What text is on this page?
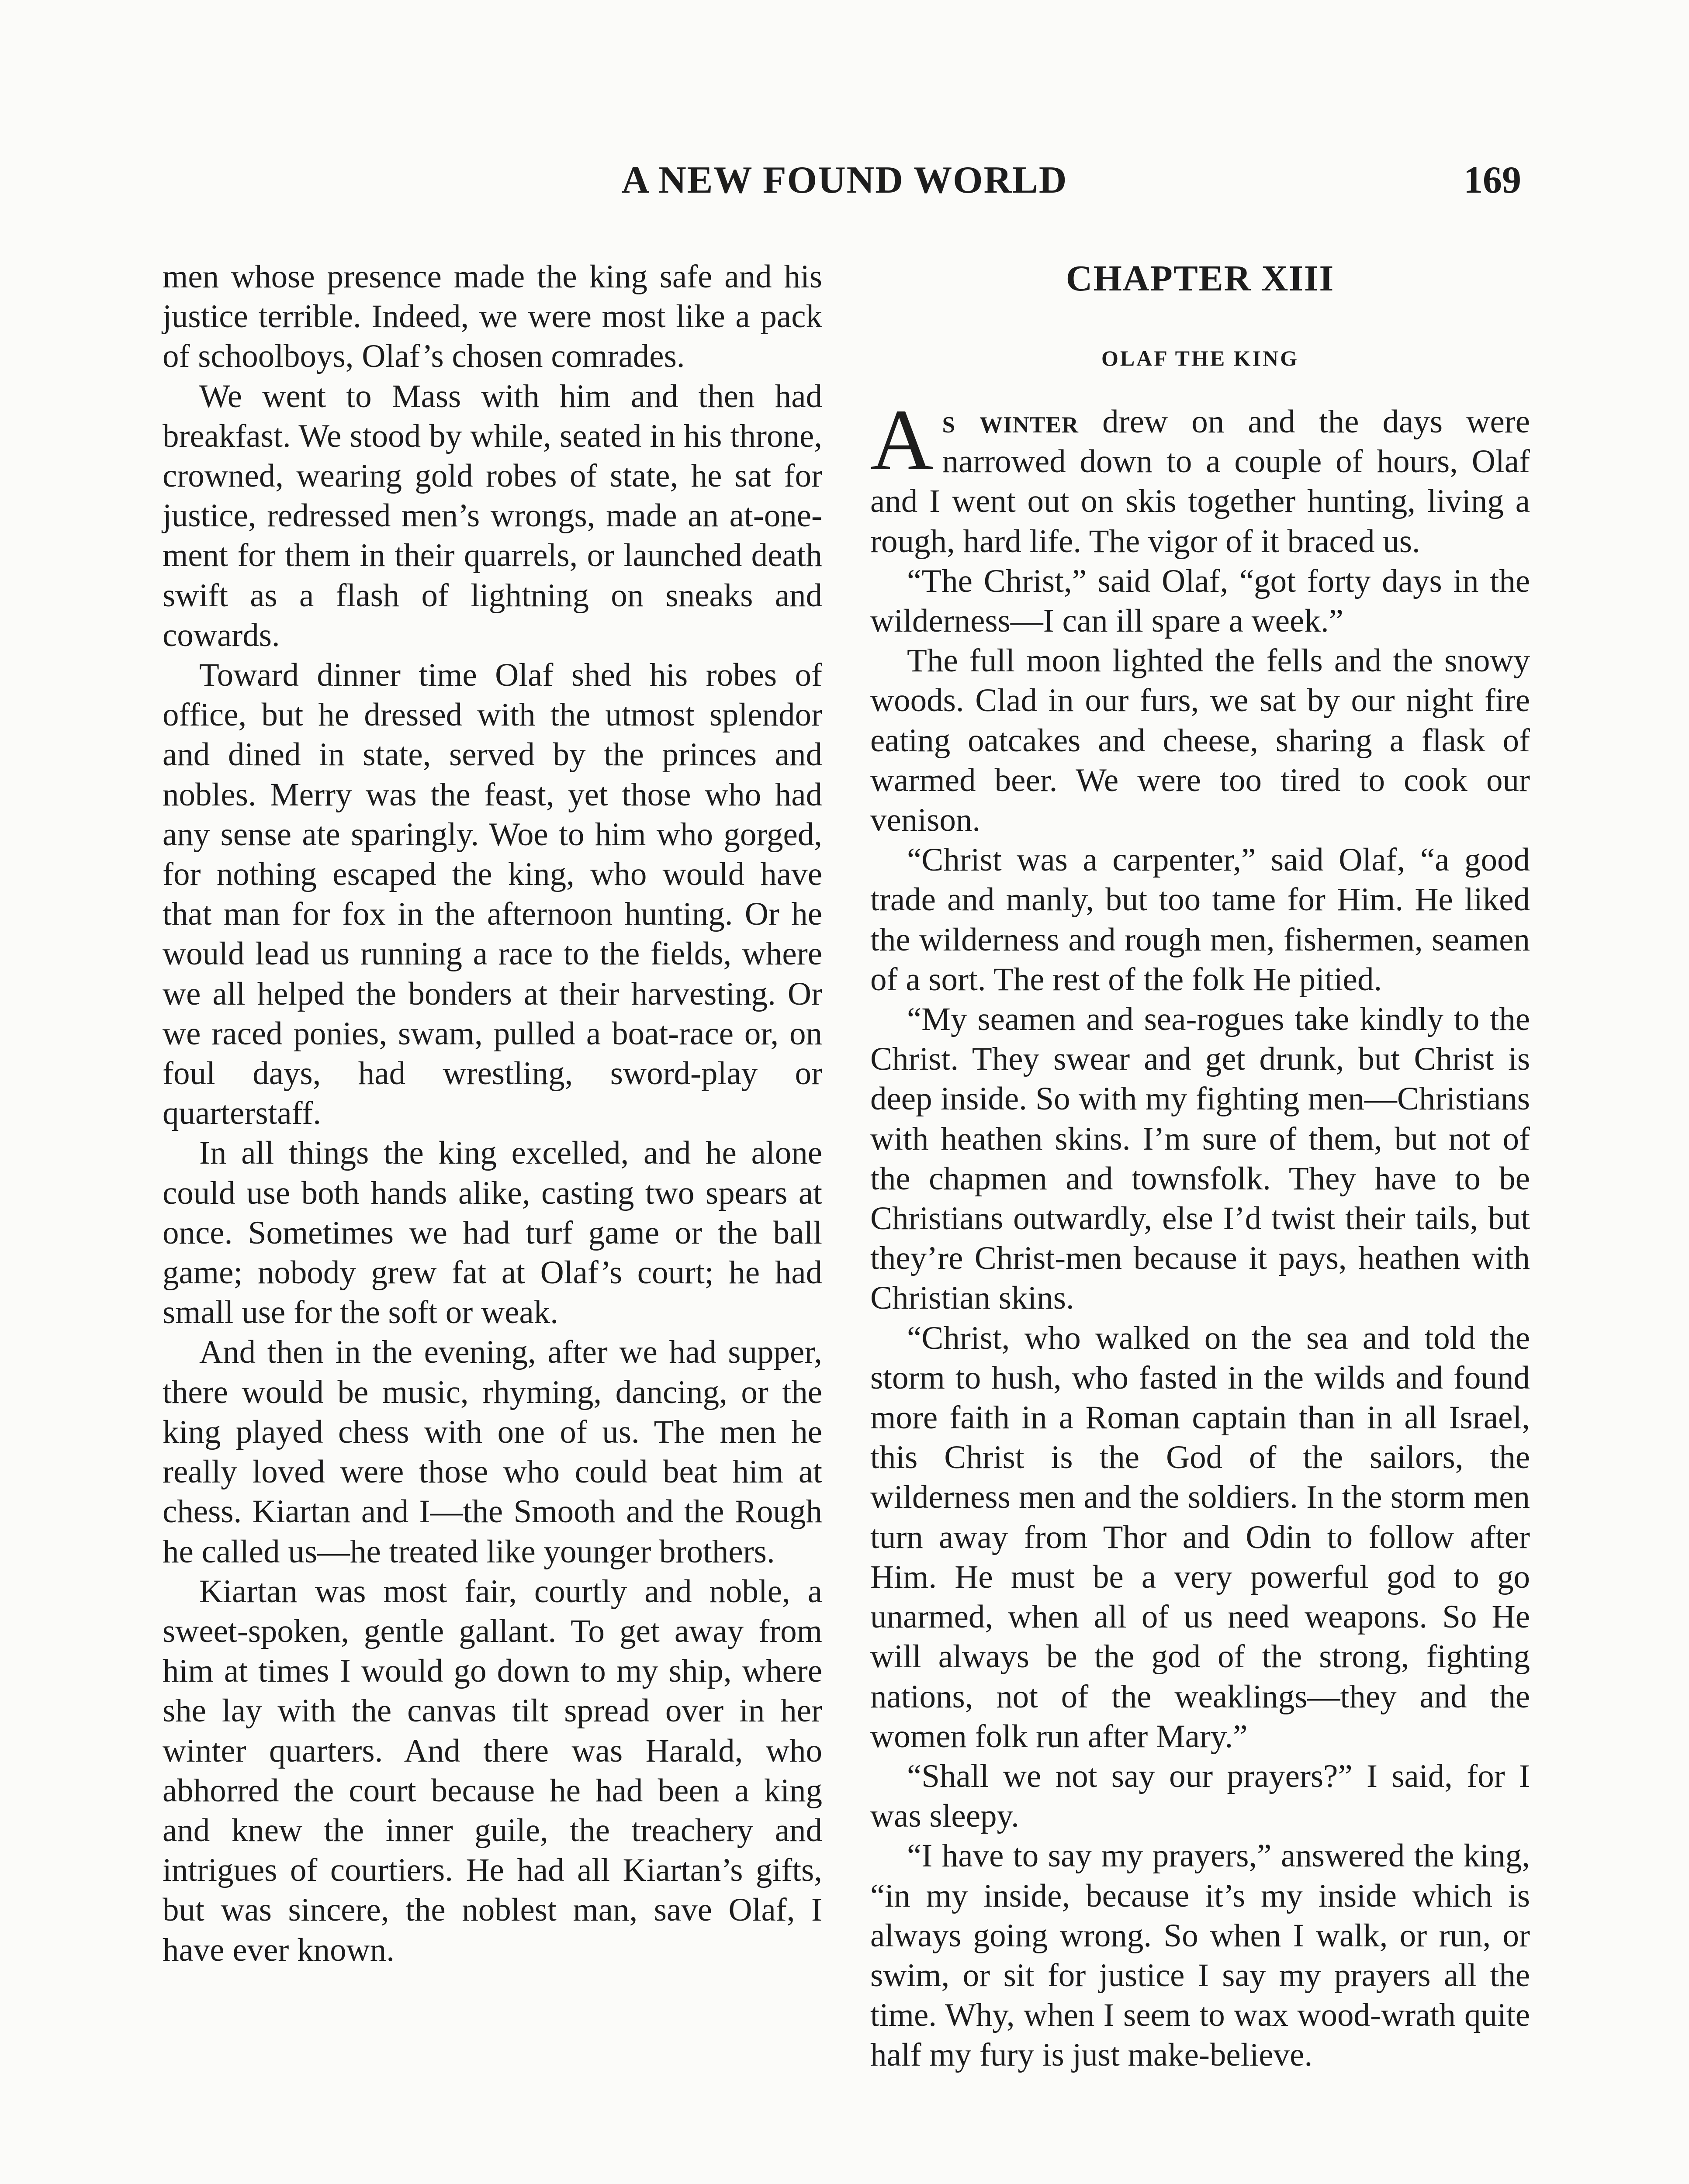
A NEW FOUND WORLD	169

men whose presence made the king safe and his justice terrible. Indeed, we were most like a pack of schoolboys, Olaf’s chosen comrades.

We went to Mass with him and then had breakfast. We stood by while, seated in his throne, crowned, wearing gold robes of state, he sat for justice, redressed men’s wrongs, made an at-one-ment for them in their quarrels, or launched death swift as a flash of lightning on sneaks and cowards.

Toward dinner time Olaf shed his robes of office, but he dressed with the utmost splendor and dined in state, served by the princes and nobles. Merry was the feast, yet those who had any sense ate sparingly. Woe to him who gorged, for nothing escaped the king, who would have that man for fox in the afternoon hunting. Or he would lead us running a race to the fields, where we all helped the bonders at their harvesting. Or we raced ponies, swam, pulled a boat-race or, on foul days, had wrestling, sword-play or quarterstaff.

In all things the king excelled, and he alone could use both hands alike, casting two spears at once. Sometimes we had turf game or the ball game; nobody grew fat at Olaf’s court; he had small use for the soft or weak.

And then in the evening, after we had supper, there would be music, rhyming, dancing, or the king played chess with one of us. The men he really loved were those who could beat him at chess. Kiartan and I—the Smooth and the Rough he called us—he treated like younger brothers.

Kiartan was most fair, courtly and noble, a sweet-spoken, gentle gallant. To get away from him at times I would go down to my ship, where she lay with the canvas tilt spread over in her winter quarters. And there was Harald, who abhorred the court because he had been a king and knew the inner guile, the treachery and intrigues of courtiers. He had all Kiartan’s gifts, but was sincere, the noblest man, save Olaf, I have ever known.

CHAPTER XIII
OLAF THE KING

As winter drew on and the days were narrowed down to a couple of hours, Olaf and I went out on skis together hunting, living a rough, hard life. The vigor of it braced us.

“The Christ,” said Olaf, “got forty days in the wilderness—I can ill spare a week.”

The full moon lighted the fells and the snowy woods. Clad in our furs, we sat by our night fire eating oatcakes and cheese, sharing a flask of warmed beer. We were too tired to cook our venison.

“Christ was a carpenter,” said Olaf, “a good trade and manly, but too tame for Him. He liked the wilderness and rough men, fishermen, seamen of a sort. The rest of the folk He pitied.

“My seamen and sea-rogues take kindly to the Christ. They swear and get drunk, but Christ is deep inside. So with my fighting men—Christians with heathen skins. I’m sure of them, but not of the chapmen and townsfolk. They have to be Christians outwardly, else I’d twist their tails, but they’re Christ-men because it pays, heathen with Christian skins.

“Christ, who walked on the sea and told the storm to hush, who fasted in the wilds and found more faith in a Roman captain than in all Israel, this Christ is the God of the sailors, the wilderness men and the soldiers. In the storm men turn away from Thor and Odin to follow after Him. He must be a very powerful god to go unarmed, when all of us need weapons. So He will always be the god of the strong, fighting nations, not of the weaklings—they and the women folk run after Mary.”

“Shall we not say our prayers?” I said, for I was sleepy.

“I have to say my prayers,” answered the king, “in my inside, because it’s my inside which is always going wrong. So when I walk, or run, or swim, or sit for justice I say my prayers all the time. Why, when I seem to wax wood-wrath quite half my fury is just make-believe.
